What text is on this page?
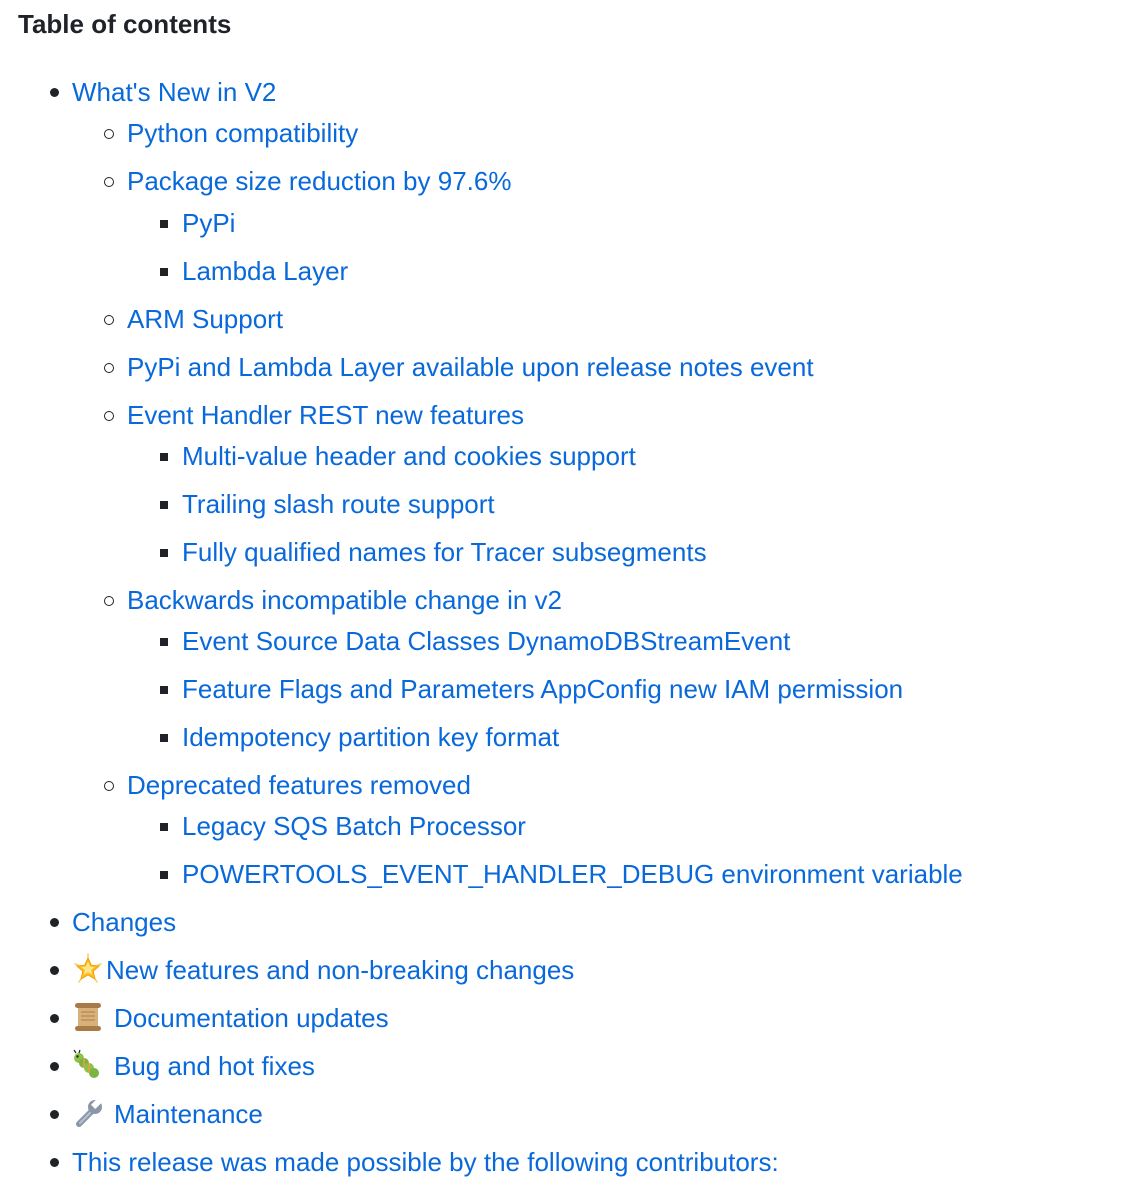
Table of contents
What's New in V2
Python compatibility
Package size reduction by 97.6%
PyPi
Lambda Layer
ARM Support
PyPi and Lambda Layer available upon release notes event
Event Handler REST new features
Multi-value header and cookies support
Trailing slash route support
Fully qualified names for Tracer subsegments
Backwards incompatible change in v2
Event Source Data Classes DynamoDBStreamEvent
Feature Flags and Parameters AppConfig new IAM permission
Idempotency partition key format
Deprecated features removed
Legacy SQS Batch Processor
POWERTOOLS_EVENT_HANDLER_DEBUG environment variable
Changes
New features and non-breaking changes
Documentation updates
Bug and hot fixes
Maintenance
This release was made possible by the following contributors:
